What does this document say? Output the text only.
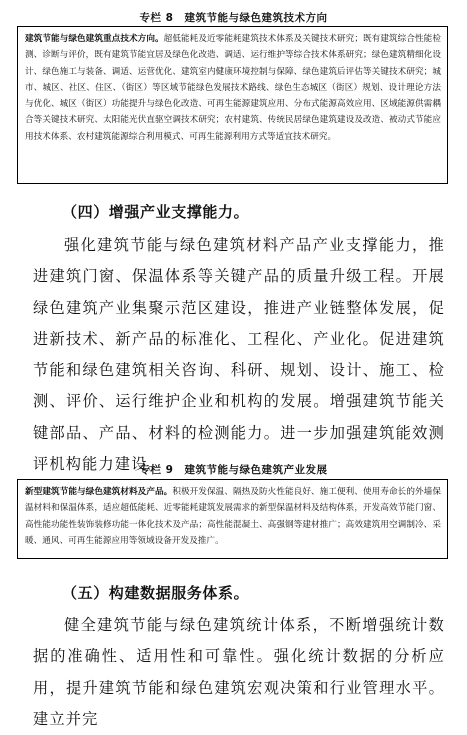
专栏 8　建筑节能与绿色建筑技术方向
建筑节能与绿色建筑重点技术方向。超低能耗及近零能耗建筑技术体系及关键技术研究；既有建筑综合性能检测、诊断与评价，既有建筑节能宜居及绿色化改造、调适、运行维护等综合技术体系研究；绿色建筑精细化设计、绿色施工与装备、调适、运营优化、建筑室内健康环境控制与保障、绿色建筑后评估等关键技术研究；城市、城区、社区、住区、（街区）等区域节能绿色发展技术路线、绿色生态城区（街区）规划、设计理论方法与优化、城区（街区）功能提升与绿色化改造、可再生能源建筑应用、分布式能源高效应用、区域能源供需耦合等关键技术研究、太阳能光伏直驱空调技术研究；农村建筑、传统民居绿色建筑建设及改造、被动式节能应用技术体系、农村建筑能源综合利用模式、可再生能源利用方式等适宜技术研究。
（四）增强产业支撑能力。

强化建筑节能与绿色建筑材料产品产业支撑能力，推进建筑门窗、保温体系等关键产品的质量升级工程。开展绿色建筑产业集聚示范区建设，推进产业链整体发展，促进新技术、新产品的标准化、工程化、产业化。促进建筑节能和绿色建筑相关咨询、科研、规划、设计、施工、检测、评价、运行维护企业和机构的发展。增强建筑节能关键部品、产品、材料的检测能力。进一步加强建筑能效测评机构能力建设。

专栏 9　建筑节能与绿色建筑产业发展
新型建筑节能与绿色建筑材料及产品。积极开发保温、隔热及防火性能良好、施工便利、使用寿命长的外墙保温材料和保温体系，适应超低能耗、近零能耗建筑发展需求的新型保温材料及结构体系，开发高效节能门窗、高性能功能性装饰装修功能一体化技术及产品；高性能混凝土、高强钢等建材推广；高效建筑用空调制冷、采暖、通风、可再生能源应用等领域设备开发及推广。
（五）构建数据服务体系。

健全建筑节能与绿色建筑统计体系，不断增强统计数据的准确性、适用性和可靠性。强化统计数据的分析应用，提升建筑节能和绿色建筑宏观决策和行业管理水平。建立并完
